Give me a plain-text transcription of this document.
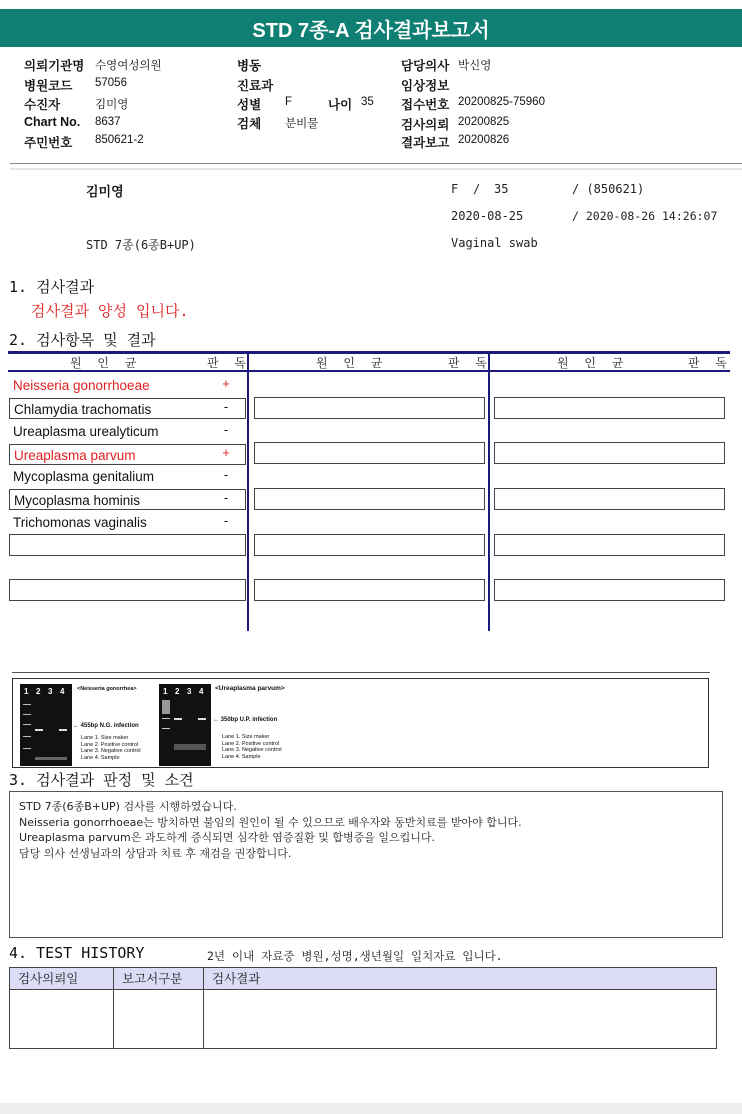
STD 7종-A 검사결과보고서
의뢰기관명 수영여성의원
병원코드 57056
수진자	김미영
Chart No. 8637
주민번호 850621-2
병동
진료과
성별 F	나이 35
검체 분비물
담당의사 박신영
임상정보
접수번호 20200825-75960
검사의뢰 20200825
결과보고 20200826
김미영	F / 35	/ (850621)
2020-08-25	/ 2020-08-26 14:26:07
STD 7종(6종B+UP)	Vaginal swab
1. 검사결과
검사결과 양성 입니다.
2. 검사항목 및 결과
원 인 균	판 독	원 인 균	판 독	원 인 균	판 독
Neisseria gonorrhoeae	+
Chlamydia trachomatis	-
Ureaplasma urealyticum	-
Ureaplasma parvum	+
Mycoplasma genitalium	-
Mycoplasma hominis	-
Trichomonas vaginalis	-
1 2 3 4 <Neisseria gonorrhea>
← 455bp N.G. infection
Lane 1. Size maker
Lane 2. Positive control
Lane 3. Negative control
Lane 4. Sample
1 2 3 4 <Ureaplasma parvum>
← 350bp U.P. infection
Lane 1. Size maker
Lane 2. Positive control
Lane 3. Negative control
Lane 4. Sample
3. 검사결과 판정 및 소견
STD 7종(6종B+UP) 검사를 시행하였습니다.
Neisseria gonorrhoeae는 방치하면 불임의 원인이 될 수 있으므로 배우자와 동반치료를 받아야 합니다.
Ureaplasma parvum은 과도하게 증식되면 심각한 염증질환 및 합병증을 일으킵니다.
담당 의사 선생님과의 상담과 치료 후 재검을 권장합니다.
4. TEST HISTORY	2년 이내 자료중 병원,성명,생년월일 일치자료 입니다.
검사의뢰일	보고서구분	검사결과
